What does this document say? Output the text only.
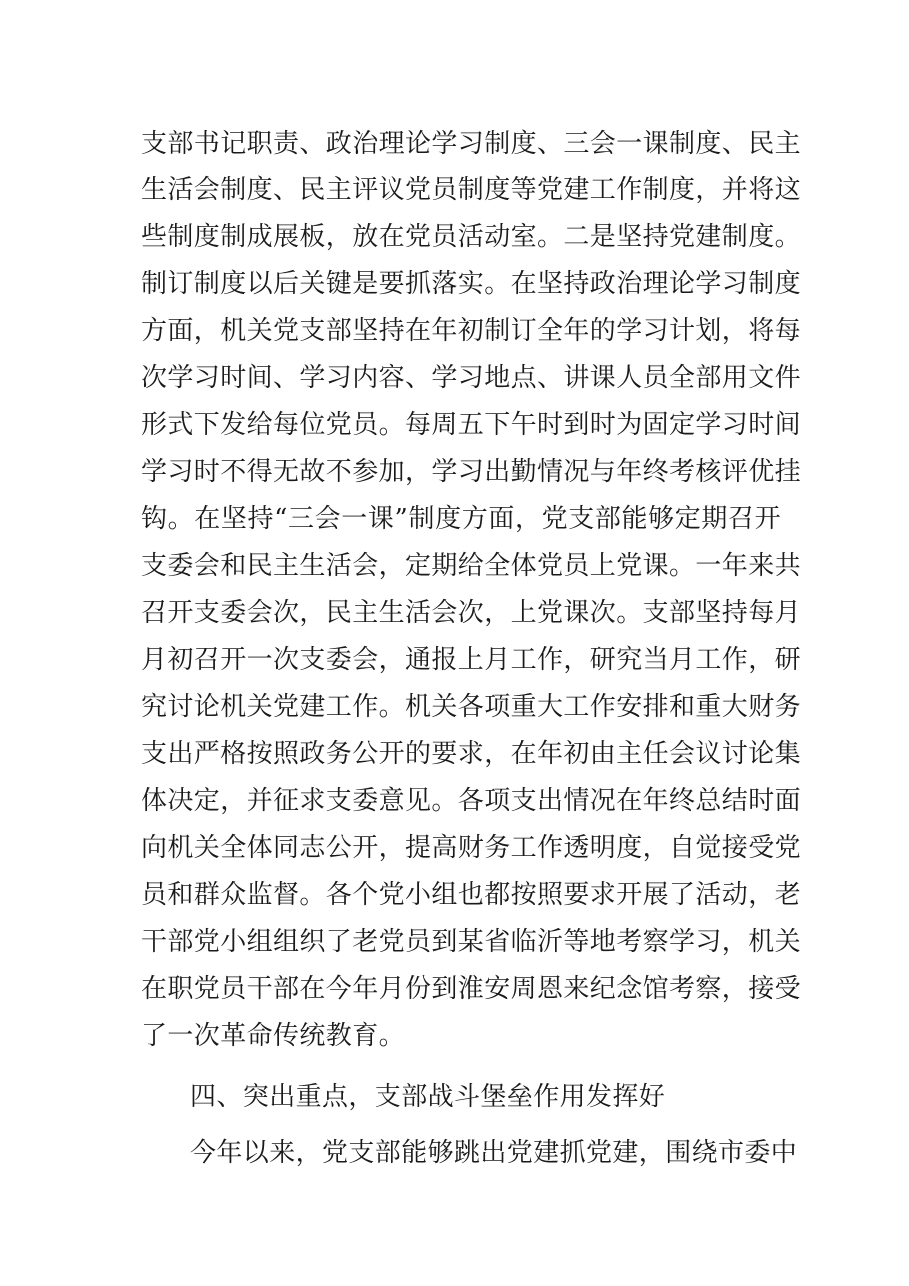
支部书记职责、政治理论学习制度、三会一课制度、民主
生活会制度、民主评议党员制度等党建工作制度，并将这
些制度制成展板，放在党员活动室。二是坚持党建制度。
制订制度以后关键是要抓落实。在坚持政治理论学习制度
方面，机关党支部坚持在年初制订全年的学习计划，将每
次学习时间、学习内容、学习地点、讲课人员全部用文件
形式下发给每位党员。每周五下午时到时为固定学习时间
学习时不得无故不参加，学习出勤情况与年终考核评优挂
钩。在坚持“三会一课”制度方面，党支部能够定期召开
支委会和民主生活会，定期给全体党员上党课。一年来共
召开支委会次，民主生活会次，上党课次。支部坚持每月
月初召开一次支委会，通报上月工作，研究当月工作，研
究讨论机关党建工作。机关各项重大工作安排和重大财务
支出严格按照政务公开的要求，在年初由主任会议讨论集
体决定，并征求支委意见。各项支出情况在年终总结时面
向机关全体同志公开，提高财务工作透明度，自觉接受党
员和群众监督。各个党小组也都按照要求开展了活动，老
干部党小组组织了老党员到某省临沂等地考察学习，机关
在职党员干部在今年月份到淮安周恩来纪念馆考察，接受
了一次革命传统教育。
四、突出重点，支部战斗堡垒作用发挥好
今年以来，党支部能够跳出党建抓党建，围绕市委中
